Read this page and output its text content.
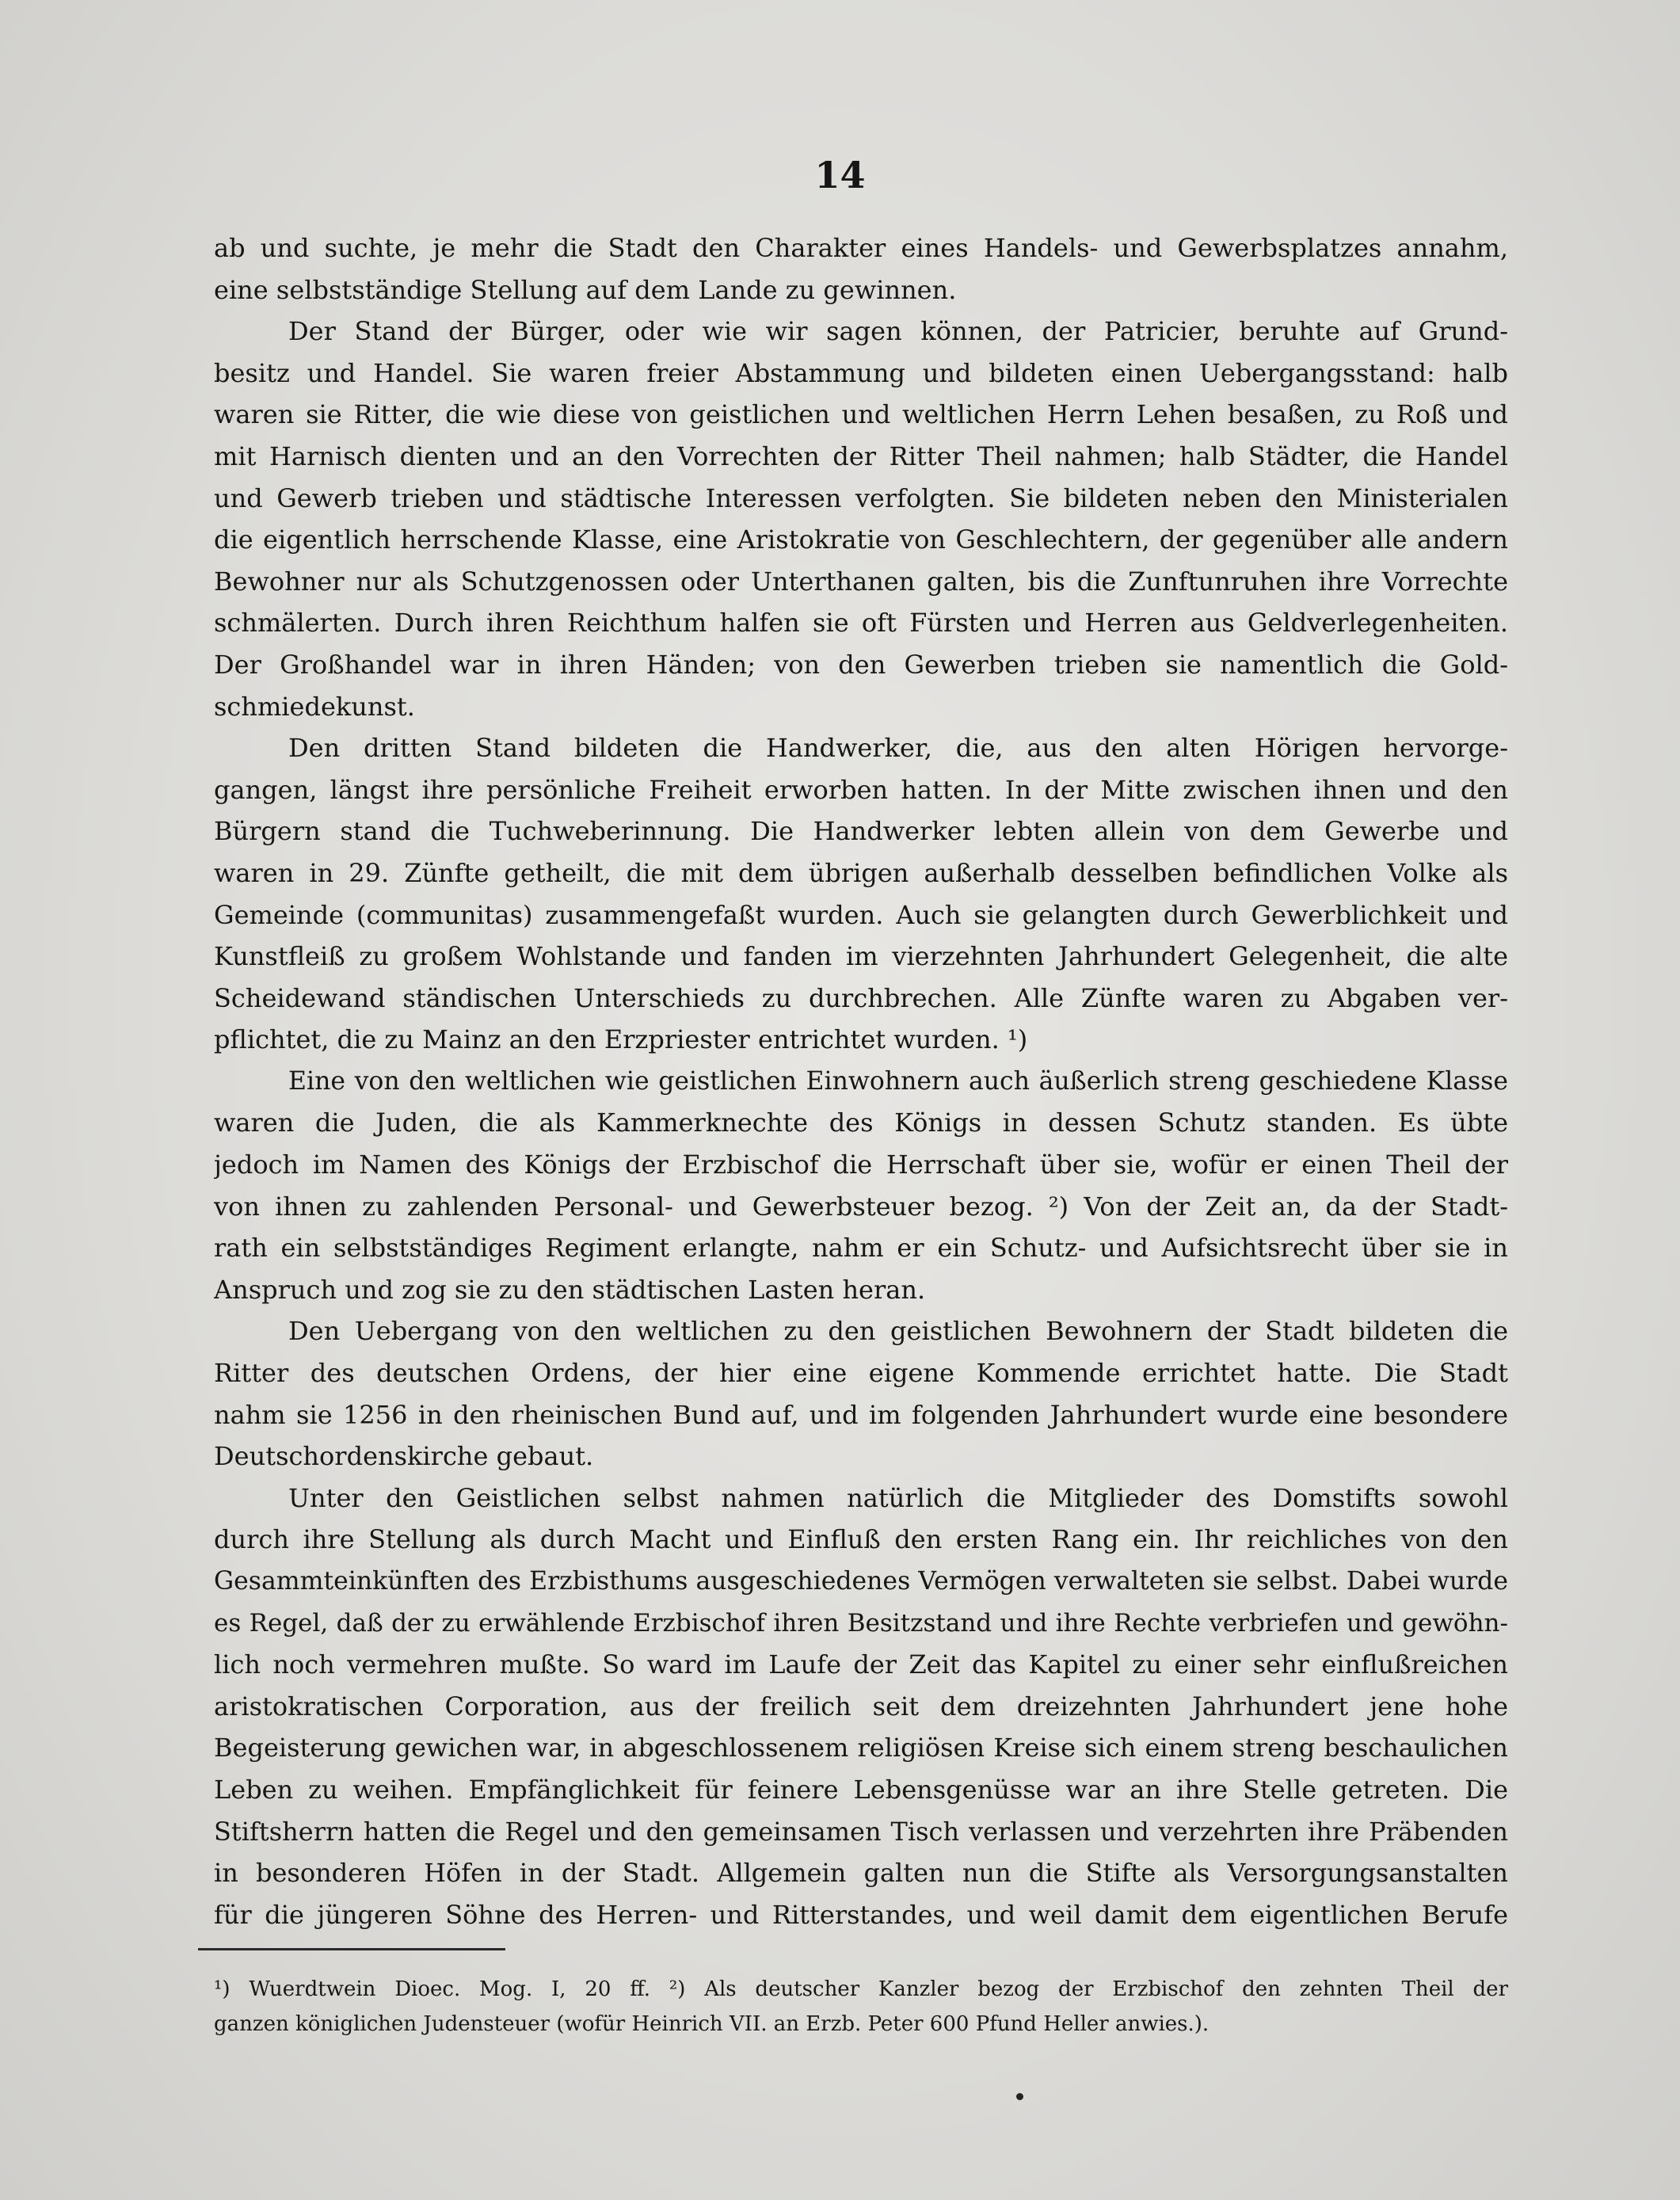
14
ab und suchte, je mehr die Stadt den Charakter eines Handels- und Gewerbsplatzes annahm,
eine selbstständige Stellung auf dem Lande zu gewinnen.
Der Stand der Bürger, oder wie wir sagen können, der Patricier, beruhte auf Grund-
besitz und Handel. Sie waren freier Abstammung und bildeten einen Uebergangsstand: halb
waren sie Ritter, die wie diese von geistlichen und weltlichen Herrn Lehen besaßen, zu Roß und
mit Harnisch dienten und an den Vorrechten der Ritter Theil nahmen; halb Städter, die Handel
und Gewerb trieben und städtische Interessen verfolgten. Sie bildeten neben den Ministerialen
die eigentlich herrschende Klasse, eine Aristokratie von Geschlechtern, der gegenüber alle andern
Bewohner nur als Schutzgenossen oder Unterthanen galten, bis die Zunftunruhen ihre Vorrechte
schmälerten. Durch ihren Reichthum halfen sie oft Fürsten und Herren aus Geldverlegenheiten.
Der Großhandel war in ihren Händen; von den Gewerben trieben sie namentlich die Gold-
schmiedekunst.
Den dritten Stand bildeten die Handwerker, die, aus den alten Hörigen hervorge-
gangen, längst ihre persönliche Freiheit erworben hatten. In der Mitte zwischen ihnen und den
Bürgern stand die Tuchweberinnung. Die Handwerker lebten allein von dem Gewerbe und
waren in 29. Zünfte getheilt, die mit dem übrigen außerhalb desselben befindlichen Volke als
Gemeinde (communitas) zusammengefaßt wurden. Auch sie gelangten durch Gewerblichkeit und
Kunstfleiß zu großem Wohlstande und fanden im vierzehnten Jahrhundert Gelegenheit, die alte
Scheidewand ständischen Unterschieds zu durchbrechen. Alle Zünfte waren zu Abgaben ver-
pflichtet, die zu Mainz an den Erzpriester entrichtet wurden. ¹)
Eine von den weltlichen wie geistlichen Einwohnern auch äußerlich streng geschiedene Klasse
waren die Juden, die als Kammerknechte des Königs in dessen Schutz standen. Es übte
jedoch im Namen des Königs der Erzbischof die Herrschaft über sie, wofür er einen Theil der
von ihnen zu zahlenden Personal- und Gewerbsteuer bezog. ²) Von der Zeit an, da der Stadt-
rath ein selbstständiges Regiment erlangte, nahm er ein Schutz- und Aufsichtsrecht über sie in
Anspruch und zog sie zu den städtischen Lasten heran.
Den Uebergang von den weltlichen zu den geistlichen Bewohnern der Stadt bildeten die
Ritter des deutschen Ordens, der hier eine eigene Kommende errichtet hatte. Die Stadt
nahm sie 1256 in den rheinischen Bund auf, und im folgenden Jahrhundert wurde eine besondere
Deutschordenskirche gebaut.
Unter den Geistlichen selbst nahmen natürlich die Mitglieder des Domstifts sowohl
durch ihre Stellung als durch Macht und Einfluß den ersten Rang ein. Ihr reichliches von den
Gesammteinkünften des Erzbisthums ausgeschiedenes Vermögen verwalteten sie selbst. Dabei wurde
es Regel, daß der zu erwählende Erzbischof ihren Besitzstand und ihre Rechte verbriefen und gewöhn-
lich noch vermehren mußte. So ward im Laufe der Zeit das Kapitel zu einer sehr einflußreichen
aristokratischen Corporation, aus der freilich seit dem dreizehnten Jahrhundert jene hohe
Begeisterung gewichen war, in abgeschlossenem religiösen Kreise sich einem streng beschaulichen
Leben zu weihen. Empfänglichkeit für feinere Lebensgenüsse war an ihre Stelle getreten. Die
Stiftsherrn hatten die Regel und den gemeinsamen Tisch verlassen und verzehrten ihre Präbenden
in besonderen Höfen in der Stadt. Allgemein galten nun die Stifte als Versorgungsanstalten
für die jüngeren Söhne des Herren- und Ritterstandes, und weil damit dem eigentlichen Berufe
¹) Wuerdtwein Dioec. Mog. I, 20 ff. ²) Als deutscher Kanzler bezog der Erzbischof den zehnten Theil der
ganzen königlichen Judensteuer (wofür Heinrich VII. an Erzb. Peter 600 Pfund Heller anwies.).
